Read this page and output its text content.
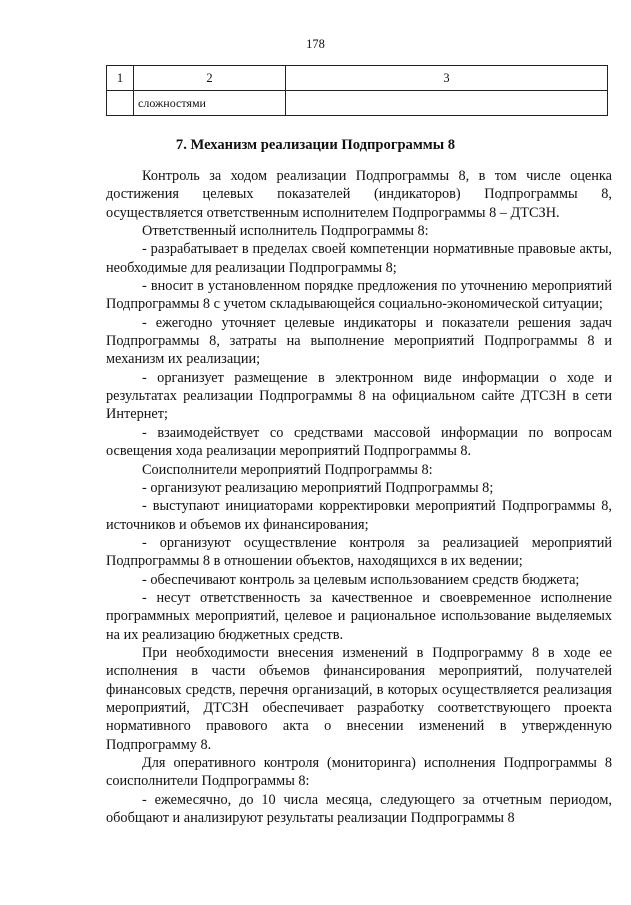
178
1	2	3
	сложностями	
7. Механизм реализации Подпрограммы 8

Контроль за ходом реализации Подпрограммы 8, в том числе оценка достижения целевых показателей (индикаторов) Подпрограммы 8, осуществляется ответственным исполнителем Подпрограммы 8 – ДТСЗН.

Ответственный исполнитель Подпрограммы 8:

- разрабатывает в пределах своей компетенции нормативные правовые акты, необходимые для реализации Подпрограммы 8;

- вносит в установленном порядке предложения по уточнению мероприятий Подпрограммы 8 с учетом складывающейся социально-экономической ситуации;

- ежегодно уточняет целевые индикаторы и показатели решения задач Подпрограммы 8, затраты на выполнение мероприятий Подпрограммы 8 и механизм их реализации;

- организует размещение в электронном виде информации о ходе и результатах реализации Подпрограммы 8 на официальном сайте ДТСЗН в сети Интернет;

- взаимодействует со средствами массовой информации по вопросам освещения хода реализации мероприятий Подпрограммы 8.

Соисполнители мероприятий Подпрограммы 8:

- организуют реализацию мероприятий Подпрограммы 8;

- выступают инициаторами корректировки мероприятий Подпрограммы 8, источников и объемов их финансирования;

- организуют осуществление контроля за реализацией мероприятий Подпрограммы 8 в отношении объектов, находящихся в их ведении;

- обеспечивают контроль за целевым использованием средств бюджета;

- несут ответственность за качественное и своевременное исполнение программных мероприятий, целевое и рациональное использование выделяемых на их реализацию бюджетных средств.

При необходимости внесения изменений в Подпрограмму 8 в ходе ее исполнения в части объемов финансирования мероприятий, получателей финансовых средств, перечня организаций, в которых осуществляется реализация мероприятий, ДТСЗН обеспечивает разработку соответствующего проекта нормативного правового акта о внесении изменений в утвержденную Подпрограмму 8.

Для оперативного контроля (мониторинга) исполнения Подпрограммы 8 соисполнители Подпрограммы 8:

- ежемесячно, до 10 числа месяца, следующего за отчетным периодом, обобщают и анализируют результаты реализации Подпрограммы 8
